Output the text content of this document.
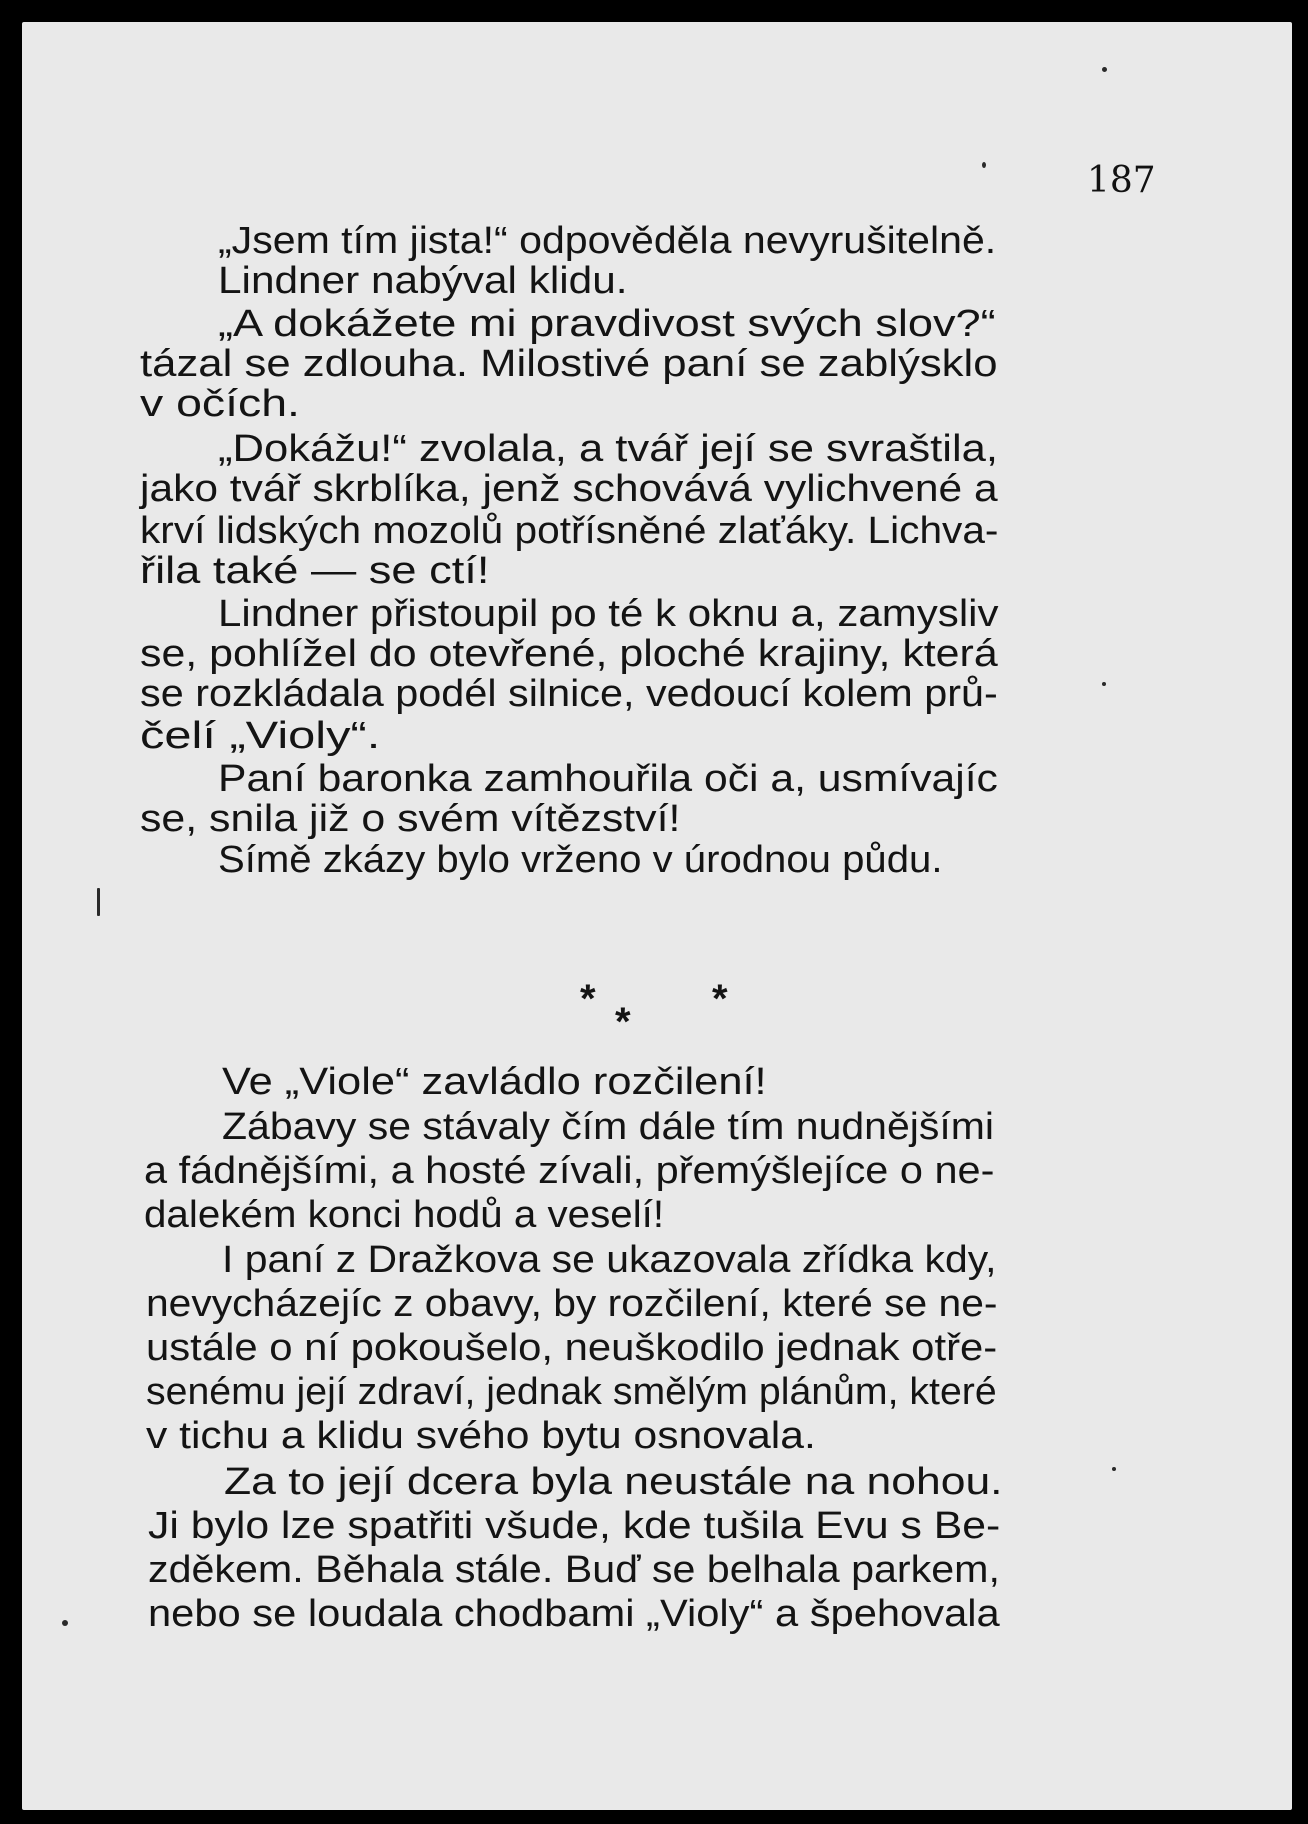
187
„Jsem tím jista!“ odpověděla nevyrušitelně.
Lindner nabýval klidu.
„A dokážete mi pravdivost svých slov?“
tázal se zdlouha. Milostivé paní se zablýsklo
v očích.
„Dokážu!“ zvolala, a tvář její se svraštila,
jako tvář skrblíka, jenž schovává vylichvené a
krví lidských mozolů potřísněné zlaťáky. Lichva-
řila také — se ctí!
Lindner přistoupil po té k oknu a, zamysliv
se, pohlížel do otevřené, ploché krajiny, která
se rozkládala podél silnice, vedoucí kolem prů-
čelí „Violy“.
Paní baronka zamhouřila oči a, usmívajíc
se, snila již o svém vítězství!
Símě zkázy bylo vrženo v úrodnou půdu.
*
*
*
Ve „Viole“ zavládlo rozčilení!
Zábavy se stávaly čím dále tím nudnějšími
a fádnějšími, a hosté zívali, přemýšlejíce o ne-
dalekém konci hodů a veselí!
I paní z Dražkova se ukazovala zřídka kdy,
nevycházejíc z obavy, by rozčilení, které se ne-
ustále o ní pokoušelo, neuškodilo jednak otře-
senému její zdraví, jednak smělým plánům, které
v tichu a klidu svého bytu osnovala.
Za to její dcera byla neustále na nohou.
Ji bylo lze spatřiti všude, kde tušila Evu s Be-
zděkem. Běhala stále. Buď se belhala parkem,
nebo se loudala chodbami „Violy“ a špehovala
